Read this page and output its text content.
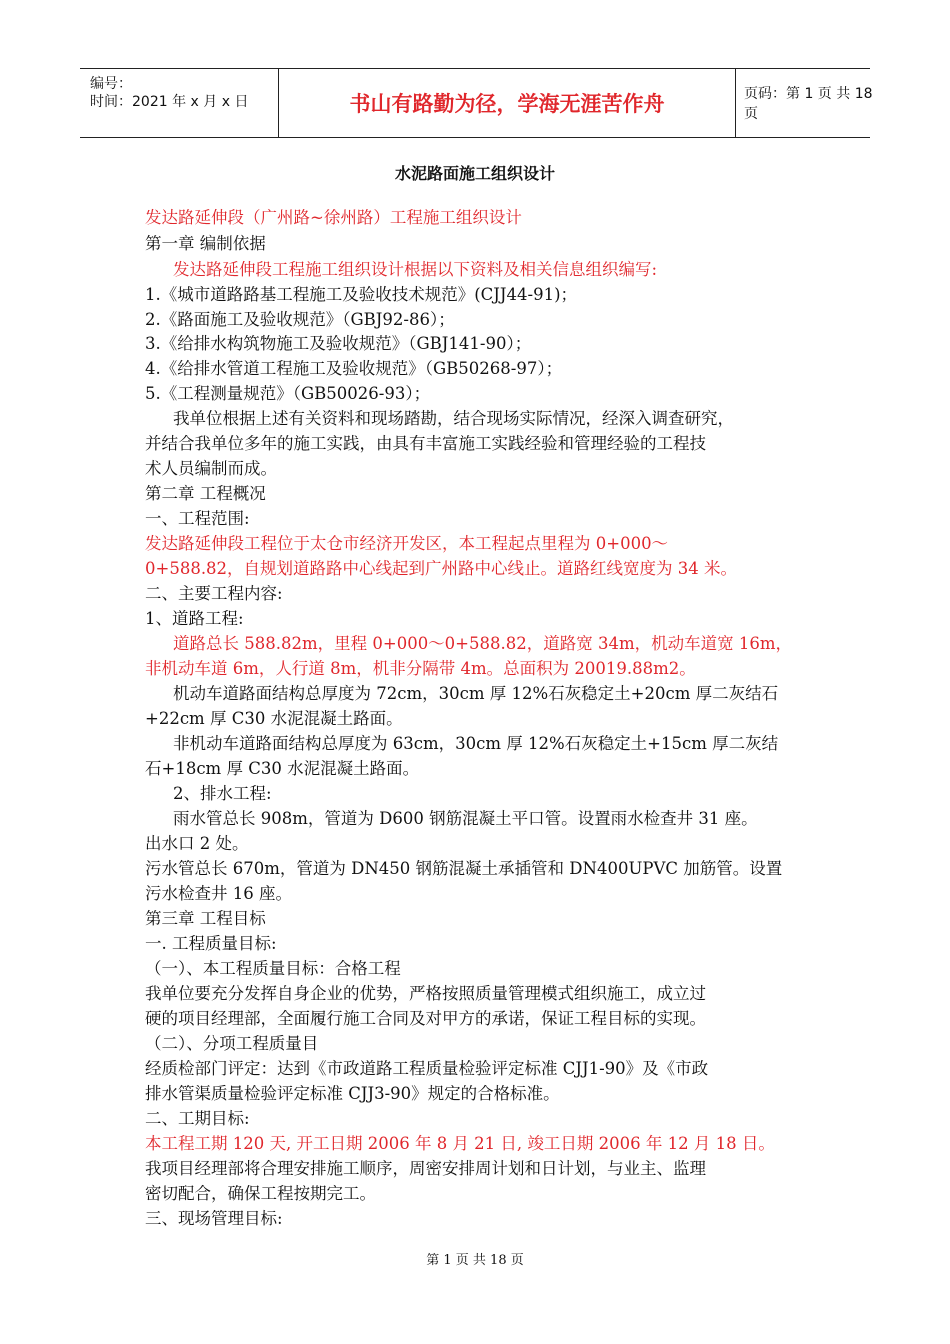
编号：
时间：2021 年 x 月 x 日	书山有路勤为径，学海无涯苦作舟	页码：第 1 页 共 18 页
水泥路面施工组织设计
发达路延伸段（广州路~徐州路）工程施工组织设计
第一章 编制依据
发达路延伸段工程施工组织设计根据以下资料及相关信息组织编写:
1.《城市道路路基工程施工及验收技术规范》(CJJ44-91)；
2.《路面施工及验收规范》（GBJ92-86）；
3.《给排水构筑物施工及验收规范》（GBJ141-90）；
4.《给排水管道工程施工及验收规范》（GB50268-97）；
5.《工程测量规范》（GB50026-93）；
我单位根据上述有关资料和现场踏勘，结合现场实际情况，经深入调查研究，
并结合我单位多年的施工实践，由具有丰富施工实践经验和管理经验的工程技
术人员编制而成。
第二章 工程概况
一、工程范围:
发达路延伸段工程位于太仓市经济开发区，本工程起点里程为 0+000～
0+588.82，自规划道路路中心线起到广州路中心线止。道路红线宽度为 34 米。
二、主要工程内容:
1、道路工程:
道路总长 588.82m，里程 0+000～0+588.82，道路宽 34m，机动车道宽 16m，
非机动车道 6m，人行道 8m，机非分隔带 4m。总面积为 20019.88m2。
机动车道路面结构总厚度为 72cm，30cm 厚 12%石灰稳定土+20cm 厚二灰结石
+22cm 厚 C30 水泥混凝土路面。
非机动车道路面结构总厚度为 63cm，30cm 厚 12%石灰稳定土+15cm 厚二灰结
石+18cm 厚 C30 水泥混凝土路面。
2、排水工程:
雨水管总长 908m，管道为 D600 钢筋混凝土平口管。设置雨水检查井 31 座。
出水口 2 处。
污水管总长 670m，管道为 DN450 钢筋混凝土承插管和 DN400UPVC 加筋管。设置
污水检查井 16 座。
第三章 工程目标
一. 工程质量目标:
（一）、本工程质量目标：合格工程
我单位要充分发挥自身企业的优势，严格按照质量管理模式组织施工，成立过
硬的项目经理部，全面履行施工合同及对甲方的承诺，保证工程目标的实现。
（二）、分项工程质量目
经质检部门评定：达到《市政道路工程质量检验评定标准 CJJ1-90》及《市政
排水管渠质量检验评定标准 CJJ3-90》规定的合格标准。
二、工期目标:
本工程工期 120 天, 开工日期 2006 年 8 月 21 日, 竣工日期 2006 年 12 月 18 日。
我项目经理部将合理安排施工顺序，周密安排周计划和日计划，与业主、监理
密切配合，确保工程按期完工。
三、现场管理目标:
第 1 页 共 18 页
